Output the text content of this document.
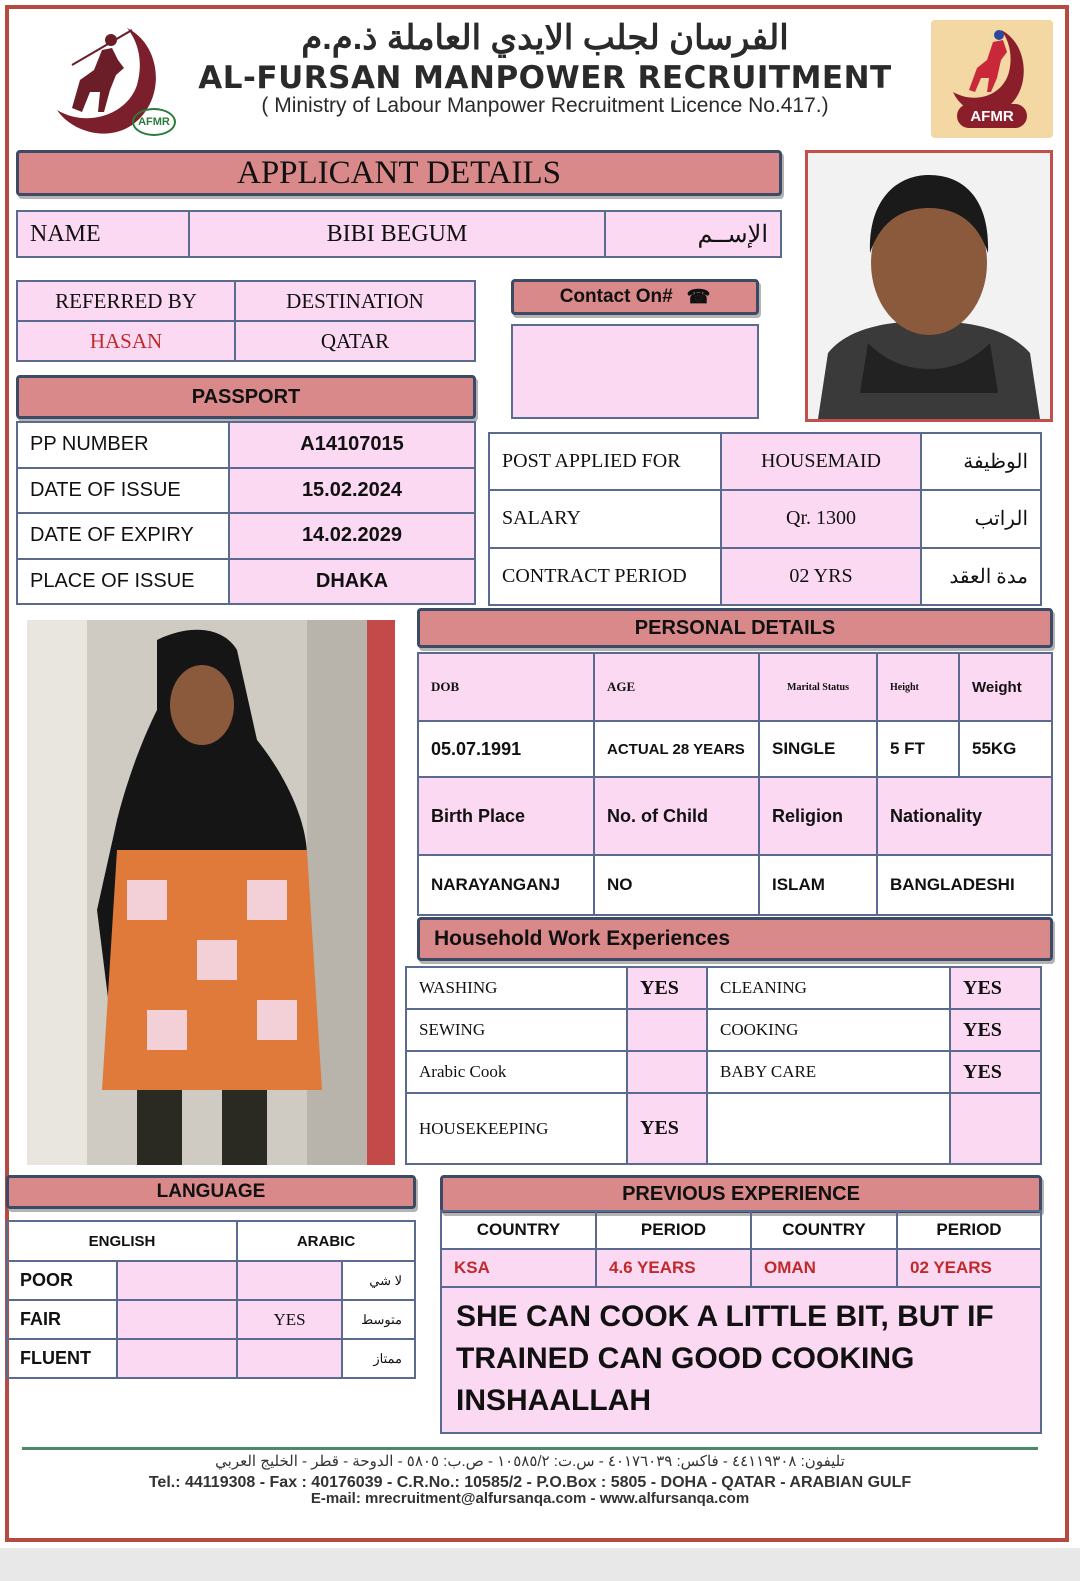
AFMR
الفرسان لجلب الايدي العاملة ذ.م.م
AL-FURSAN MANPOWER RECRUITMENT
( Ministry of Labour Manpower Recruitment Licence No.417.)	AFMR
APPLICANT DETAILS
NAME	BIBI BEGUM	الإســم
REFERRED BY	DESTINATION
HASAN	QATAR
Contact On# ☎
PASSPORT
PP NUMBER	A14107015
DATE OF ISSUE	15.02.2024
DATE OF EXPIRY	14.02.2029
PLACE OF ISSUE	DHAKA
POST APPLIED FOR	HOUSEMAID	الوظيفة
SALARY	Qr. 1300	الراتب
CONTRACT PERIOD	02 YRS	مدة العقد
PERSONAL DETAILS
DOB	AGE	Marital Status	Height	Weight
05.07.1991	ACTUAL 28 YEARS	SINGLE	5 FT	55KG
Birth Place	No. of Child	Religion	Nationality	
NARAYANGANJ	NO	ISLAM	BANGLADESHI	
Household Work Experiences
WASHING	YES	CLEANING	YES
SEWING		COOKING	YES
Arabic Cook		BABY CARE	YES
HOUSEKEEPING	YES		
LANGUAGE
ENGLISH		ARABIC	
POOR			لا شي
FAIR		YES	متوسط
FLUENT			ممتاز
PREVIOUS EXPERIENCE
COUNTRY	PERIOD	COUNTRY	PERIOD
KSA	4.6 YEARS	OMAN	02 YEARS
SHE CAN COOK A LITTLE BIT, BUT IF TRAINED CAN GOOD COOKING INSHAALLAH
تليفون: ٤٤١١٩٣٠٨ - فاكس: ٤٠١٧٦٠٣٩ - س.ت: ١٠٥٨٥/٢ - ص.ب: ٥٨٠٥ - الدوحة - قطر - الخليج العربي
Tel.: 44119308 - Fax : 40176039 - C.R.No.: 10585/2 - P.O.Box : 5805 - DOHA - QATAR - ARABIAN GULF
E-mail: mrecruitment@alfursanqa.com - www.alfursanqa.com
